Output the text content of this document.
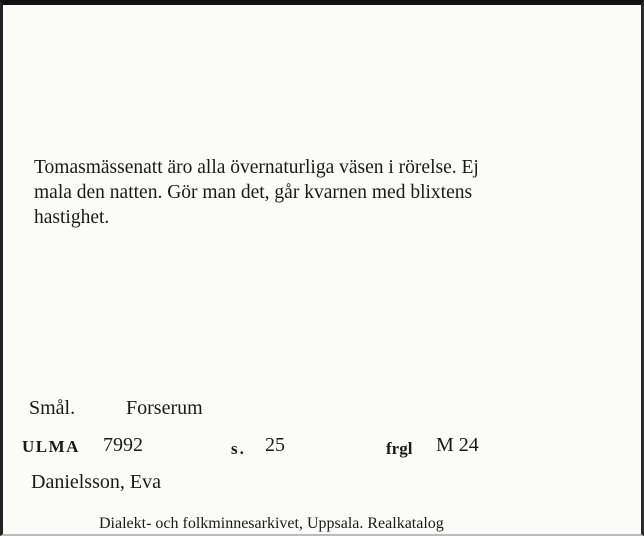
Tomasmässenatt äro alla övernaturliga väsen i rörelse. Ej
mala den natten. Gör man det, går kvarnen med blixtens
hastighet.
Smål.	Forserum
ULMA 7992	s. 25	frgl M 24
Danielsson, Eva
Dialekt- och folkminnesarkivet, Uppsala. Realkatalog
